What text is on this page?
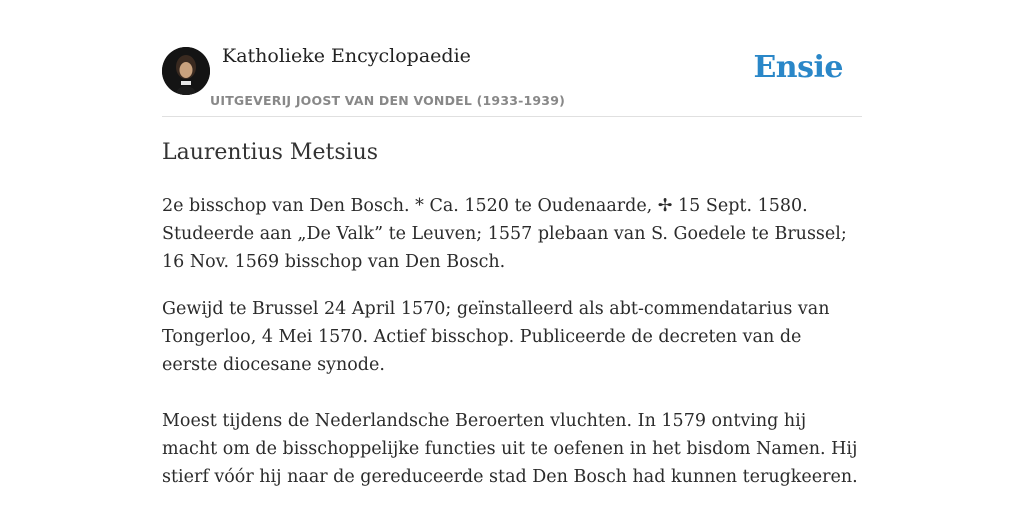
Katholieke Encyclopaedie
UITGEVERIJ JOOST VAN DEN VONDEL (1933-1939)
Ensie
Laurentius Metsius

2e bisschop van Den Bosch. * Ca. 1520 te Oudenaarde, ✢ 15 Sept. 1580. Studeerde aan „De Valk” te Leuven; 1557 plebaan van S. Goedele te Brussel; 16 Nov. 1569 bisschop van Den Bosch.

Gewijd te Brussel 24 April 1570; geïnstalleerd als abt-commendatarius van Tongerloo, 4 Mei 1570. Actief bisschop. Publiceerde de decreten van de eerste diocesane synode.

Moest tijdens de Nederlandsche Beroerten vluchten. In 1579 ontving hij macht om de bisschoppelijke functies uit te oefenen in het bisdom Namen. Hij stierf vóór hij naar de gereduceerde stad Den Bosch had kunnen terugkeeren.
